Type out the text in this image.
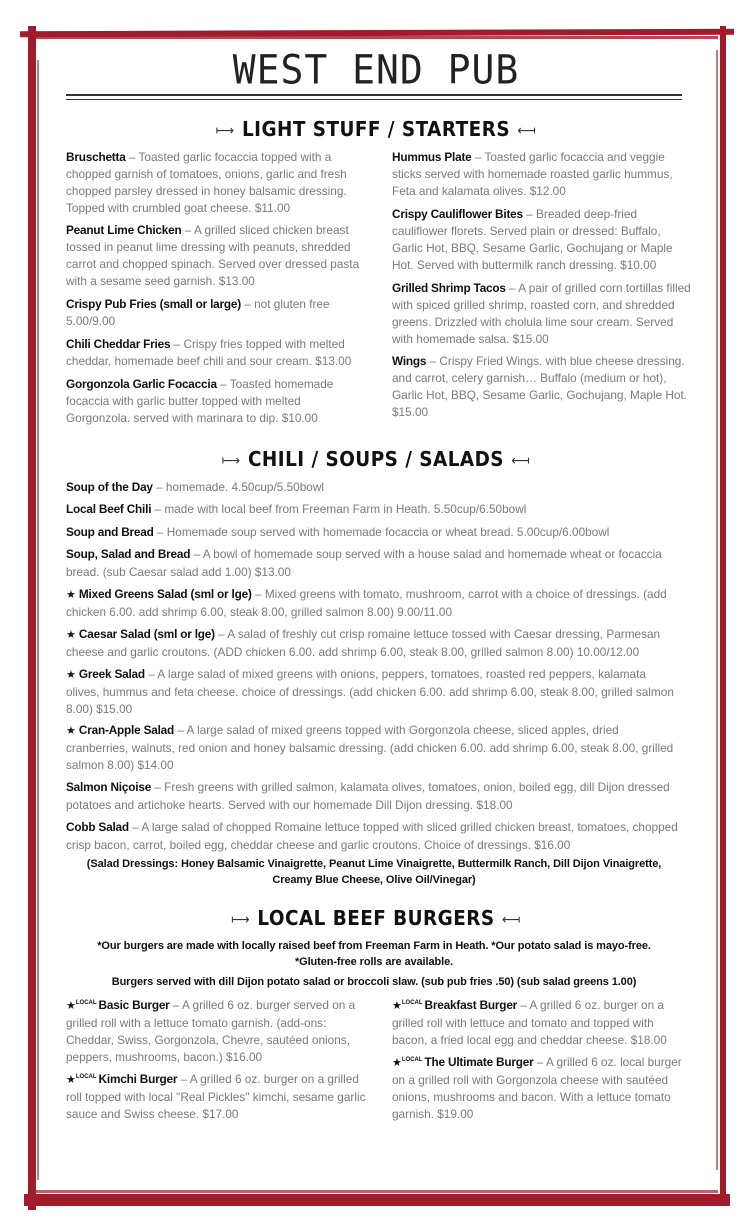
WEST END PUB
⟼ LIGHT STUFF / STARTERS ⟻
Bruschetta – Toasted garlic focaccia topped with a chopped garnish of tomatoes, onions, garlic and fresh chopped parsley dressed in honey balsamic dressing. Topped with crumbled goat cheese. $11.00
Peanut Lime Chicken – A grilled sliced chicken breast tossed in peanut lime dressing with peanuts, shredded carrot and chopped spinach. Served over dressed pasta with a sesame seed garnish. $13.00
Crispy Pub Fries (small or large) – not gluten free 5.00/9.00
Chili Cheddar Fries – Crispy fries topped with melted cheddar, homemade beef chili and sour cream. $13.00
Gorgonzola Garlic Focaccia – Toasted homemade focaccia with garlic butter topped with melted Gorgonzola. served with marinara to dip. $10.00
Hummus Plate – Toasted garlic focaccia and veggie sticks served with homemade roasted garlic hummus, Feta and kalamata olives. $12.00
Crispy Cauliflower Bites – Breaded deep-fried cauliflower florets. Served plain or dressed: Buffalo, Garlic Hot, BBQ, Sesame Garlic, Gochujang or Maple Hot. Served with buttermilk ranch dressing. $10.00
Grilled Shrimp Tacos – A pair of grilled corn tortillas filled with spiced grilled shrimp, roasted corn, and shredded greens. Drizzled with cholula lime sour cream. Served with homemade salsa. $15.00
Wings – Crispy Fried Wings. with blue cheese dressing. and carrot, celery garnish… Buffalo (medium or hot), Garlic Hot, BBQ, Sesame Garlic, Gochujang, Maple Hot. $15.00
⟼ CHILI / SOUPS / SALADS ⟻
Soup of the Day – homemade. 4.50cup/5.50bowl
Local Beef Chili – made with local beef from Freeman Farm in Heath. 5.50cup/6.50bowl
Soup and Bread – Homemade soup served with homemade focaccia or wheat bread. 5.00cup/6.00bowl
Soup, Salad and Bread – A bowl of homemade soup served with a house salad and homemade wheat or focaccia bread. (sub Caesar salad add 1.00) $13.00
★ Mixed Greens Salad (sml or lge) – Mixed greens with tomato, mushroom, carrot with a choice of dressings. (add chicken 6.00. add shrimp 6.00, steak 8.00, grilled salmon 8.00) 9.00/11.00
★ Caesar Salad (sml or lge) – A salad of freshly cut crisp romaine lettuce tossed with Caesar dressing, Parmesan cheese and garlic croutons. (ADD chicken 6.00. add shrimp 6.00, steak 8.00, grilled salmon 8.00) 10.00/12.00
★ Greek Salad – A large salad of mixed greens with onions, peppers, tomatoes, roasted red peppers, kalamata olives, hummus and feta cheese. choice of dressings. (add chicken 6.00. add shrimp 6.00, steak 8.00, grilled salmon 8.00) $15.00
★ Cran-Apple Salad – A large salad of mixed greens topped with Gorgonzola cheese, sliced apples, dried cranberries, walnuts, red onion and honey balsamic dressing. (add chicken 6.00. add shrimp 6.00, steak 8.00, grilled salmon 8.00) $14.00
Salmon Niçoise – Fresh greens with grilled salmon, kalamata olives, tomatoes, onion, boiled egg, dill Dijon dressed potatoes and artichoke hearts. Served with our homemade Dill Dijon dressing. $18.00
Cobb Salad – A large salad of chopped Romaine lettuce topped with sliced grilled chicken breast, tomatoes, chopped crisp bacon, carrot, boiled egg, cheddar cheese and garlic croutons. Choice of dressings. $16.00
(Salad Dressings: Honey Balsamic Vinaigrette, Peanut Lime Vinaigrette, Buttermilk Ranch, Dill Dijon Vinaigrette, Creamy Blue Cheese, Olive Oil/Vinegar)
⟼ LOCAL BEEF BURGERS ⟻
*Our burgers are made with locally raised beef from Freeman Farm in Heath. *Our potato salad is mayo-free.
*Gluten-free rolls are available.
Burgers served with dill Dijon potato salad or broccoli slaw. (sub pub fries .50) (sub salad greens 1.00)
★$^{LOCAL}$ Basic Burger – A grilled 6 oz. burger served on a grilled roll with a lettuce tomato garnish. (add-ons: Cheddar, Swiss, Gorgonzola, Chevre, sautéed onions, peppers, mushrooms, bacon.) $16.00
★$^{LOCAL}$ Kimchi Burger – A grilled 6 oz. burger on a grilled roll topped with local "Real Pickles" kimchi, sesame garlic sauce and Swiss cheese. $17.00
★$^{LOCAL}$ Breakfast Burger – A grilled 6 oz. burger on a grilled roll with lettuce and tomato and topped with bacon, a fried local egg and cheddar cheese. $18.00
★$^{LOCAL}$ The Ultimate Burger – A grilled 6 oz. local burger on a grilled roll with Gorgonzola cheese with sautéed onions, mushrooms and bacon. With a lettuce tomato garnish. $19.00
